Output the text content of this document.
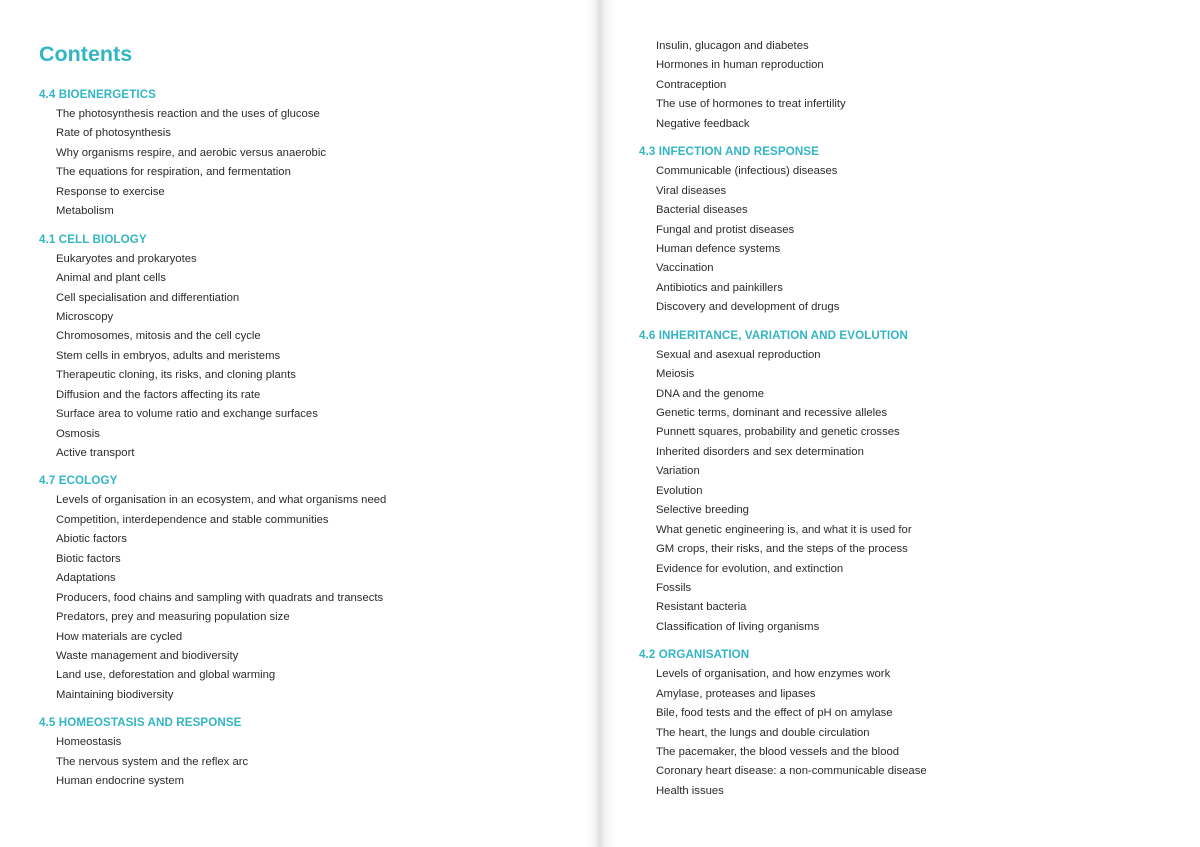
Contents
4.4 BIOENERGETICS
The photosynthesis reaction and the uses of glucose
Rate of photosynthesis
Why organisms respire, and aerobic versus anaerobic
The equations for respiration, and fermentation
Response to exercise
Metabolism
4.1 CELL BIOLOGY
Eukaryotes and prokaryotes
Animal and plant cells
Cell specialisation and differentiation
Microscopy
Chromosomes, mitosis and the cell cycle
Stem cells in embryos, adults and meristems
Therapeutic cloning, its risks, and cloning plants
Diffusion and the factors affecting its rate
Surface area to volume ratio and exchange surfaces
Osmosis
Active transport
4.7 ECOLOGY
Levels of organisation in an ecosystem, and what organisms need
Competition, interdependence and stable communities
Abiotic factors
Biotic factors
Adaptations
Producers, food chains and sampling with quadrats and transects
Predators, prey and measuring population size
How materials are cycled
Waste management and biodiversity
Land use, deforestation and global warming
Maintaining biodiversity
4.5 HOMEOSTASIS AND RESPONSE
Homeostasis
The nervous system and the reflex arc
Human endocrine system
Insulin, glucagon and diabetes
Hormones in human reproduction
Contraception
The use of hormones to treat infertility
Negative feedback
4.3 INFECTION AND RESPONSE
Communicable (infectious) diseases
Viral diseases
Bacterial diseases
Fungal and protist diseases
Human defence systems
Vaccination
Antibiotics and painkillers
Discovery and development of drugs
4.6 INHERITANCE, VARIATION AND EVOLUTION
Sexual and asexual reproduction
Meiosis
DNA and the genome
Genetic terms, dominant and recessive alleles
Punnett squares, probability and genetic crosses
Inherited disorders and sex determination
Variation
Evolution
Selective breeding
What genetic engineering is, and what it is used for
GM crops, their risks, and the steps of the process
Evidence for evolution, and extinction
Fossils
Resistant bacteria
Classification of living organisms
4.2 ORGANISATION
Levels of organisation, and how enzymes work
Amylase, proteases and lipases
Bile, food tests and the effect of pH on amylase
The heart, the lungs and double circulation
The pacemaker, the blood vessels and the blood
Coronary heart disease: a non-communicable disease
Health issues
